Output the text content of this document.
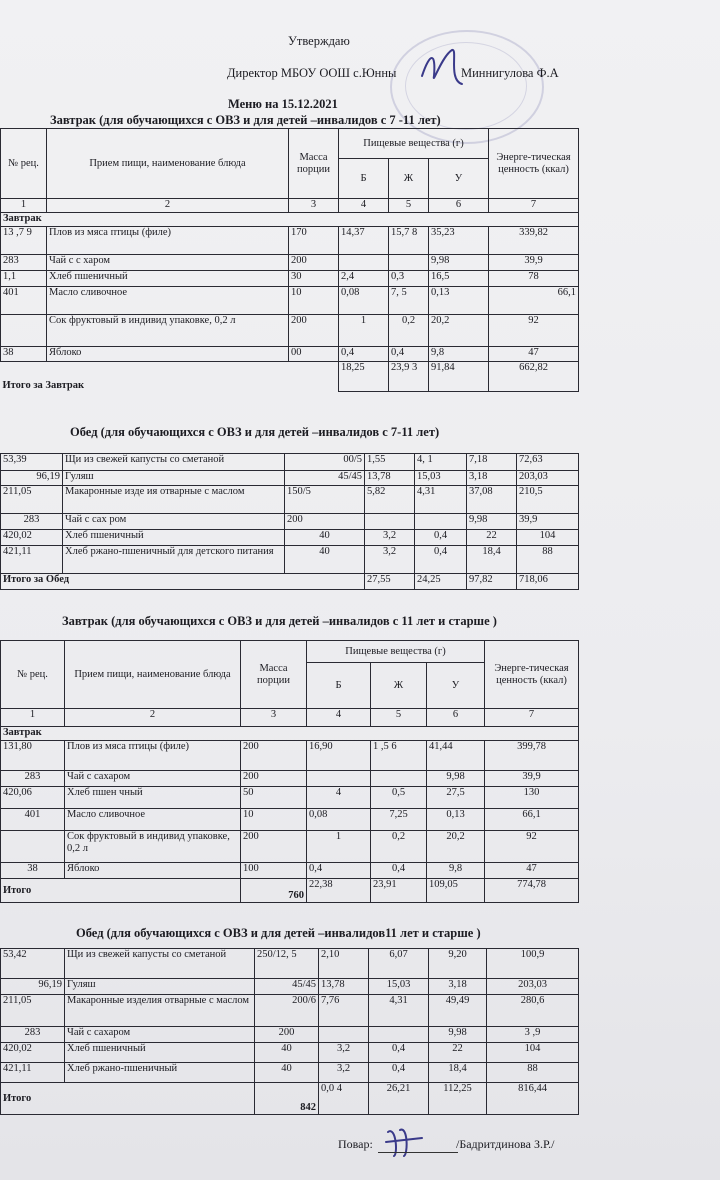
Утверждаю
Директор МБОУ ООШ с.Юнны	Миннигулова Ф.А
Меню на 15.12.2021
Завтрак (для обучающихся с ОВЗ и для детей –инвалидов с 7 -11 лет)
№ рец.	Прием пищи, наименование блюда	Масса порции	Пищевые вещества (г)			Энерге-тическая ценность (ккал)
			Б	Ж	У	
1	2	3	4	5	6	7
Завтрак						
13 ,7 9	Плов из мяса птицы (филе)	170	14,37	15,7 8	35,23	339,82
283	Чай с с харом	200			9,98	39,9
1,1	Хлеб пшеничный	30	2,4	0,3	16,5	78
401	Масло сливочное	10	0,08	7, 5	0,13	66,1
	Сок фруктовый в индивид упаковке, 0,2 л	200	1	0,2	20,2	92
38	Яблоко	00	0,4	0,4	9,8	47
Итого за Завтрак			18,25	23,9 3	91,84	662,82
Обед (для обучающихся с ОВЗ и для детей –инвалидов с 7-11 лет)
53,39	Щи из свежей капусты со сметаной	00/5	1,55	4, 1	7,18	72,63
96,19	Гуляш	45/45	13,78	15,03	3,18	203,03
211,05	Макаронные изде ия отварные с маслом	150/5	5,82	4,31	37,08	210,5
283	Чай с сах ром	200			9,98	39,9
420,02	Хлеб пшеничный	40	3,2	0,4	22	104
421,11	Хлеб ржано-пшеничный для детского питания	40	3,2	0,4	18,4	88
Итого за Обед			27,55	24,25	97,82	718,06
Завтрак (для обучающихся с ОВЗ и для детей –инвалидов с 11 лет и старше )
№ рец.	Прием пищи, наименование блюда	Масса порции	Пищевые вещества (г)			Энерге-тическая ценность (ккал)
			Б	Ж	У	
1	2	3	4	5	6	7
Завтрак						
131,80	Плов из мяса птицы (филе)	200	16,90	1 ,5 6	41,44	399,78
283	Чай с сахаром	200			9,98	39,9
420,06	Хлеб пшен чный	50	4	0,5	27,5	130
401	Масло сливочное	10	0,08	7,25	0,13	66,1
	Сок фруктовый в индивид упаковке, 0,2 л	200	1	0,2	20,2	92
38	Яблоко	100	0,4	0,4	9,8	47
Итого		760	22,38	23,91	109,05	774,78
Обед (для обучающихся с ОВЗ и для детей –инвалидов11 лет и старше )
53,42	Щи из свежей капусты со сметаной	250/12, 5	2,10	6,07	9,20	100,9
96,19	Гуляш	45/45	13,78	15,03	3,18	203,03
211,05	Макаронные изделия отварные с маслом	200/6	7,76	4,31	49,49	280,6
283	Чай с сахаром	200			9,98	3 ,9
420,02	Хлеб пшеничный	40	3,2	0,4	22	104
421,11	Хлеб ржано-пшеничный	40	3,2	0,4	18,4	88
Итого		842	0,0 4	26,21	112,25	816,44
Повар:	/Бадритдинова З.Р./
